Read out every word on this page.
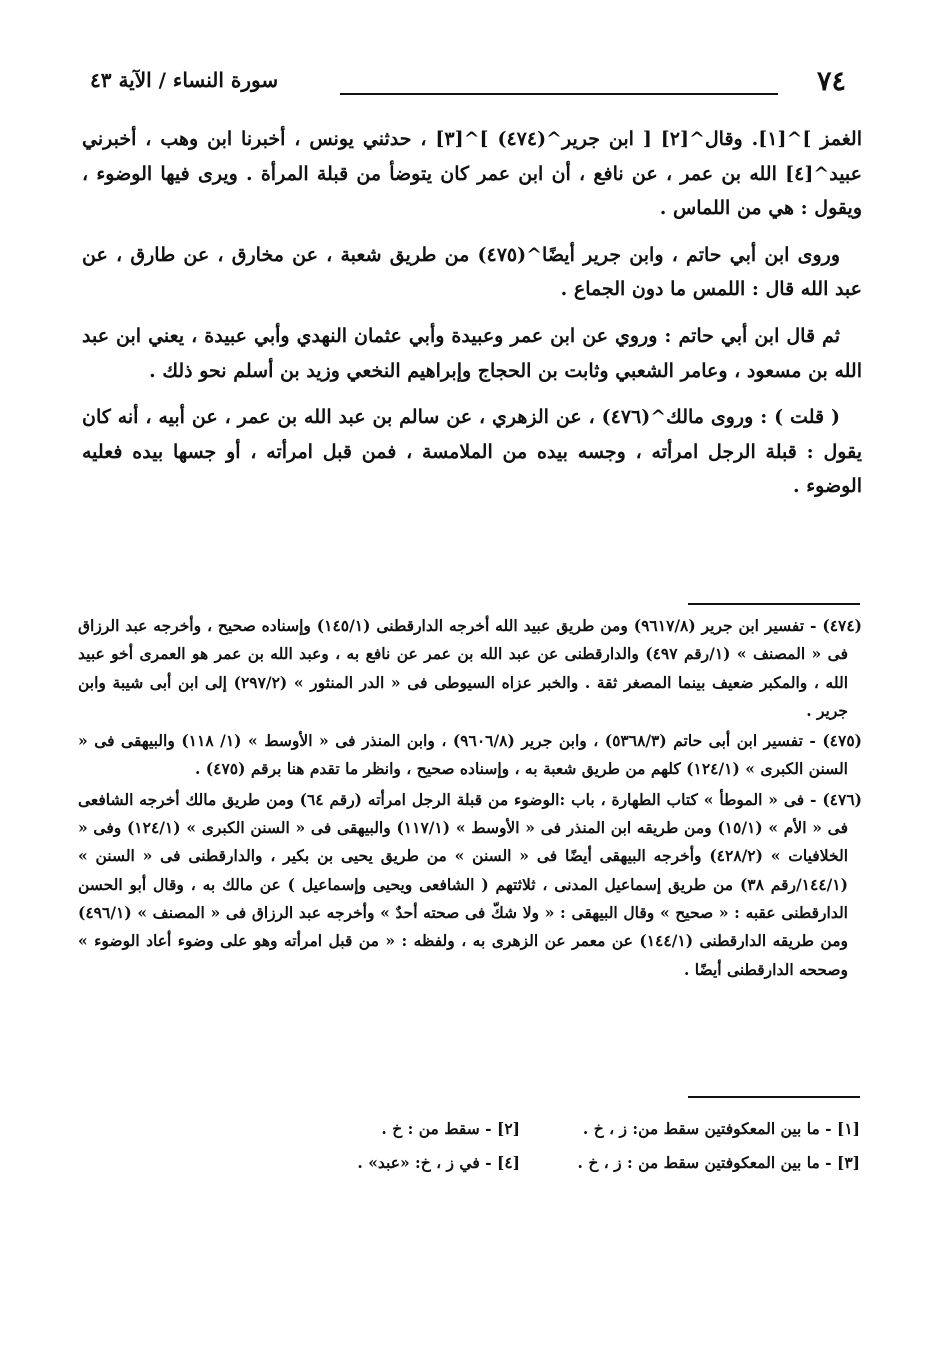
٧٤
سورة النساء / الآية ٤٣

الغمز ]^[١]. وقال^[٢] [ ابن جرير^(٤٧٤) ]^[٣] ، حدثني يونس ، أخبرنا ابن وهب ، أخبرني عبيد^[٤] الله بن عمر ، عن نافع ، أن ابن عمر كان يتوضأ من قبلة المرأة . ويرى فيها الوضوء ، ويقول : هي من اللماس .

وروى ابن أبي حاتم ، وابن جرير أيضًا^(٤٧٥) من طريق شعبة ، عن مخارق ، عن طارق ، عن عبد الله قال : اللمس ما دون الجماع .

ثم قال ابن أبي حاتم : وروي عن ابن عمر وعبيدة وأبي عثمان النهدي وأبي عبيدة ، يعني ابن عبد الله بن مسعود ، وعامر الشعبي وثابت بن الحجاج وإبراهيم النخعي وزيد بن أسلم نحو ذلك .

( قلت ) : وروى مالك^(٤٧٦) ، عن الزهري ، عن سالم بن عبد الله بن عمر ، عن أبيه ، أنه كان يقول : قبلة الرجل امرأته ، وجسه بيده من الملامسة ، فمن قبل امرأته ، أو جسها بيده فعليه الوضوء .

(٤٧٤) - تفسير ابن جرير (٩٦١٧/٨) ومن طريق عبيد الله أخرجه الدارقطنى (١٤٥/١) وإسناده صحيح ، وأخرجه عبد الرزاق فى « المصنف » (١/رقم ٤٩٧) والدارقطنى عن عبد الله بن عمر عن نافع به ، وعبد الله بن عمر هو العمرى أخو عبيد الله ، والمكبر ضعيف بينما المصغر ثقة . والخبر عزاه السيوطى فى « الدر المنثور » (٢٩٧/٢) إلى ابن أبى شيبة وابن جرير .

(٤٧٥) - تفسير ابن أبى حاتم (٥٣٦٨/٣) ، وابن جرير (٩٦٠٦/٨) ، وابن المنذر فى « الأوسط » (١/ ١١٨) والبيهقى فى « السنن الكبرى » (١٢٤/١) كلهم من طريق شعبة به ، وإسناده صحيح ، وانظر ما تقدم هنا برقم (٤٧٥) .

(٤٧٦) - فى « الموطأ » كتاب الطهارة ، باب :الوضوء من قبلة الرجل امرأته (رقم ٦٤) ومن طريق مالك أخرجه الشافعى فى « الأم » (١٥/١) ومن طريقه ابن المنذر فى « الأوسط » (١١٧/١) والبيهقى فى « السنن الكبرى » (١٢٤/١) وفى « الخلافيات » (٤٢٨/٢) وأخرجه البيهقى أيضًا فى « السنن » من طريق يحيى بن بكير ، والدارقطنى فى « السنن » (١٤٤/١/رقم ٣٨) من طريق إسماعيل المدنى ، ثلاثتهم ( الشافعى ويحيى وإسماعيل ) عن مالك به ، وقال أبو الحسن الدارقطنى عقبه : « صحيح » وقال البيهقى : « ولا شكّ فى صحته أحدٌ » وأخرجه عبد الرزاق فى « المصنف » (٤٩٦/١) ومن طريقه الدارقطنى (١٤٤/١) عن معمر عن الزهرى به ، ولفظه : « من قبل امرأته وهو على وضوء أعاد الوضوء » وصححه الدارقطنى أيضًا .

[١] - ما بين المعكوفتين سقط من: ز ، خ .
[٢] - سقط من : خ .
[٣] - ما بين المعكوفتين سقط من : ز ، خ .
[٤] - في ز ، خ: «عبد» .
